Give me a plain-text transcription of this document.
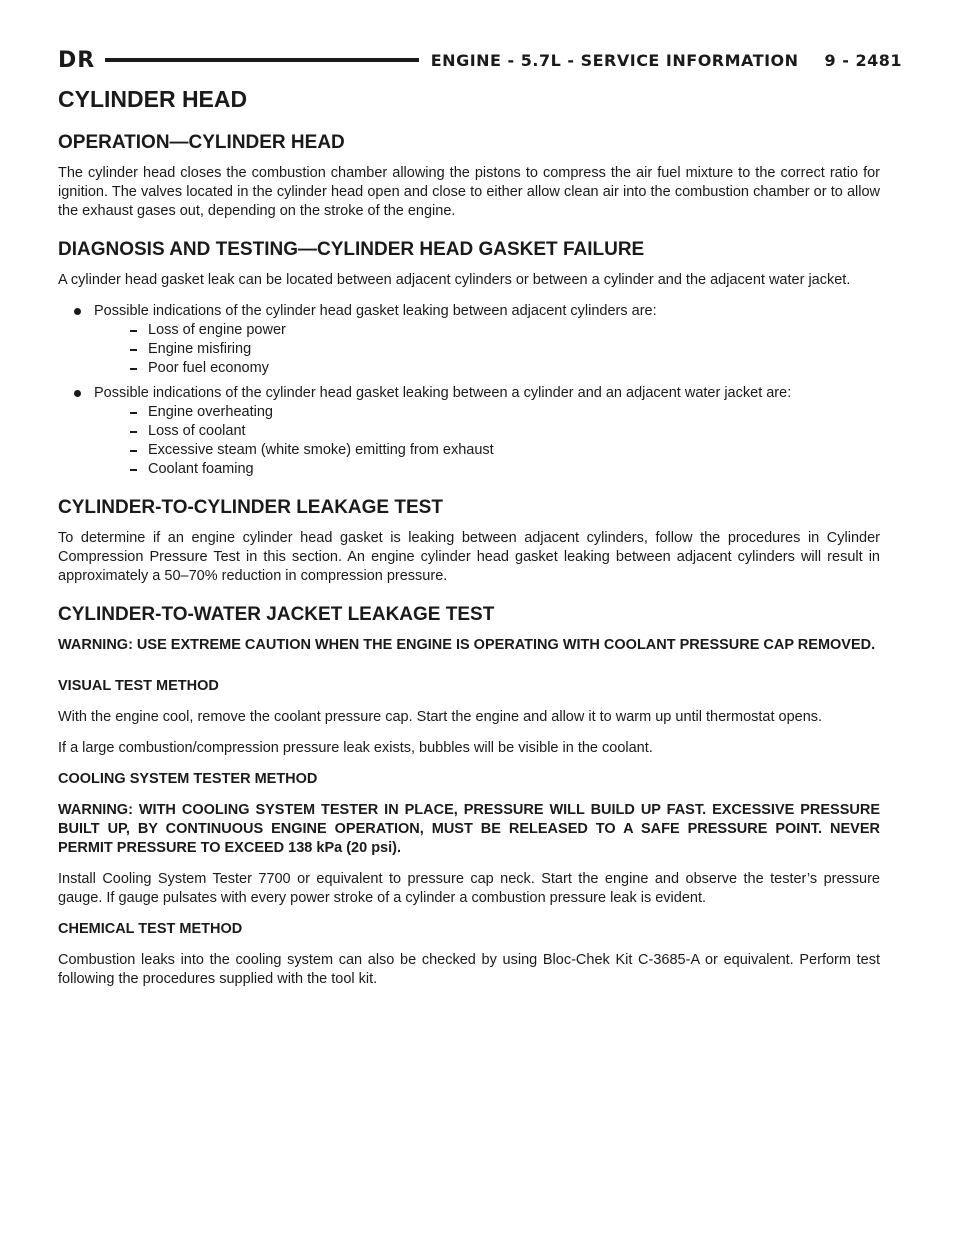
DR	ENGINE - 5.7L - SERVICE INFORMATION 9 - 2481
CYLINDER HEAD
OPERATION—CYLINDER HEAD

The cylinder head closes the combustion chamber allowing the pistons to compress the air fuel mixture to the correct ratio for ignition. The valves located in the cylinder head open and close to either allow clean air into the combustion chamber or to allow the exhaust gases out, depending on the stroke of the engine.

DIAGNOSIS AND TESTING—CYLINDER HEAD GASKET FAILURE

A cylinder head gasket leak can be located between adjacent cylinders or between a cylinder and the adjacent water jacket.

Possible indications of the cylinder head gasket leaking between adjacent cylinders are:
Loss of engine power
Engine misfiring
Poor fuel economy
Possible indications of the cylinder head gasket leaking between a cylinder and an adjacent water jacket are:
Engine overheating
Loss of coolant
Excessive steam (white smoke) emitting from exhaust
Coolant foaming
CYLINDER-TO-CYLINDER LEAKAGE TEST

To determine if an engine cylinder head gasket is leaking between adjacent cylinders, follow the procedures in Cylinder Compression Pressure Test in this section. An engine cylinder head gasket leaking between adjacent cylinders will result in approximately a 50–70% reduction in compression pressure.

CYLINDER-TO-WATER JACKET LEAKAGE TEST

WARNING: USE EXTREME CAUTION WHEN THE ENGINE IS OPERATING WITH COOLANT PRESSURE CAP REMOVED.

VISUAL TEST METHOD

With the engine cool, remove the coolant pressure cap. Start the engine and allow it to warm up until thermostat opens.

If a large combustion/compression pressure leak exists, bubbles will be visible in the coolant.

COOLING SYSTEM TESTER METHOD

WARNING: WITH COOLING SYSTEM TESTER IN PLACE, PRESSURE WILL BUILD UP FAST. EXCESSIVE PRESSURE BUILT UP, BY CONTINUOUS ENGINE OPERATION, MUST BE RELEASED TO A SAFE PRESSURE POINT. NEVER PERMIT PRESSURE TO EXCEED 138 kPa (20 psi).

Install Cooling System Tester 7700 or equivalent to pressure cap neck. Start the engine and observe the tester’s pressure gauge. If gauge pulsates with every power stroke of a cylinder a combustion pressure leak is evident.

CHEMICAL TEST METHOD

Combustion leaks into the cooling system can also be checked by using Bloc-Chek Kit C-3685-A or equivalent. Perform test following the procedures supplied with the tool kit.
